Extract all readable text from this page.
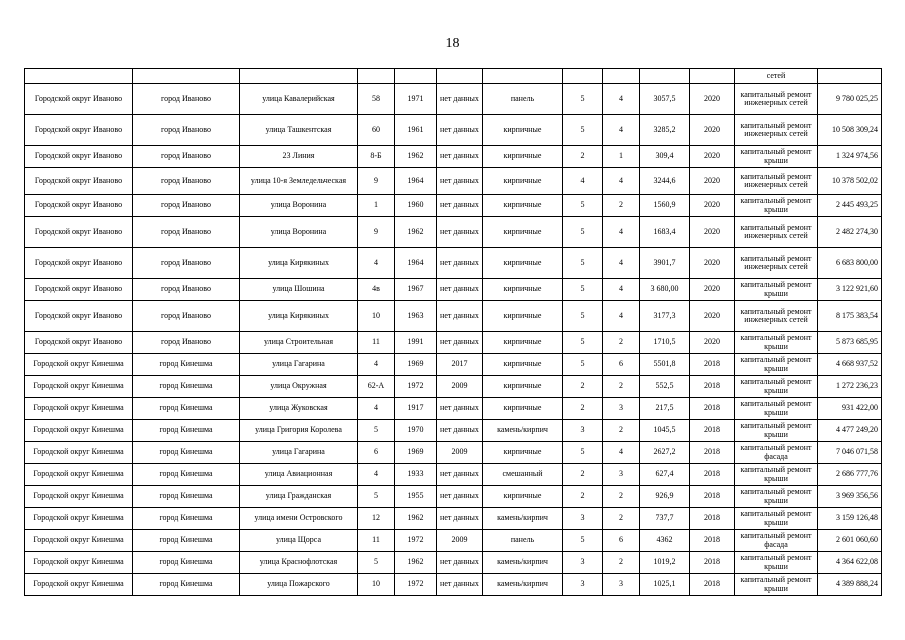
18
											сетей	
Городской округ Иваново	город Иваново	улица Кавалерийская	58	1971	нет данных	панель	5	4	3057,5	2020	капитальный ремонт инженерных сетей	9 780 025,25
Городской округ Иваново	город Иваново	улица Ташкентская	60	1961	нет данных	кирпичные	5	4	3285,2	2020	капитальный ремонт инженерных сетей	10 508 309,24
Городской округ Иваново	город Иваново	23 Линия	8-Б	1962	нет данных	кирпичные	2	1	309,4	2020	капитальный ремонт крыши	1 324 974,56
Городской округ Иваново	город Иваново	улица 10-я Земледельческая	9	1964	нет данных	кирпичные	4	4	3244,6	2020	капитальный ремонт инженерных сетей	10 378 502,02
Городской округ Иваново	город Иваново	улица Воронина	1	1960	нет данных	кирпичные	5	2	1560,9	2020	капитальный ремонт крыши	2 445 493,25
Городской округ Иваново	город Иваново	улица Воронина	9	1962	нет данных	кирпичные	5	4	1683,4	2020	капитальный ремонт инженерных сетей	2 482 274,30
Городской округ Иваново	город Иваново	улица Кирякиных	4	1964	нет данных	кирпичные	5	4	3901,7	2020	капитальный ремонт инженерных сетей	6 683 800,00
Городской округ Иваново	город Иваново	улица Шошина	4в	1967	нет данных	кирпичные	5	4	3 680,00	2020	капитальный ремонт крыши	3 122 921,60
Городской округ Иваново	город Иваново	улица Кирякиных	10	1963	нет данных	кирпичные	5	4	3177,3	2020	капитальный ремонт инженерных сетей	8 175 383,54
Городской округ Иваново	город Иваново	улица Строительная	11	1991	нет данных	кирпичные	5	2	1710,5	2020	капитальный ремонт крыши	5 873 685,95
Городской округ Кинешма	город Кинешма	улица Гагарина	4	1969	2017	кирпичные	5	6	5501,8	2018	капитальный ремонт крыши	4 668 937,52
Городской округ Кинешма	город Кинешма	улица Окружная	62-А	1972	2009	кирпичные	2	2	552,5	2018	капитальный ремонт крыши	1 272 236,23
Городской округ Кинешма	город Кинешма	улица Жуковская	4	1917	нет данных	кирпичные	2	3	217,5	2018	капитальный ремонт крыши	931 422,00
Городской округ Кинешма	город Кинешма	улица Григория Королева	5	1970	нет данных	камень/кирпич	3	2	1045,5	2018	капитальный ремонт крыши	4 477 249,20
Городской округ Кинешма	город Кинешма	улица Гагарина	6	1969	2009	кирпичные	5	4	2627,2	2018	капитальный ремонт фасада	7 046 071,58
Городской округ Кинешма	город Кинешма	улица Авиационная	4	1933	нет данных	смешанный	2	3	627,4	2018	капитальный ремонт крыши	2 686 777,76
Городской округ Кинешма	город Кинешма	улица Гражданская	5	1955	нет данных	кирпичные	2	2	926,9	2018	капитальный ремонт крыши	3 969 356,56
Городской округ Кинешма	город Кинешма	улица имени Островского	12	1962	нет данных	камень/кирпич	3	2	737,7	2018	капитальный ремонт крыши	3 159 126,48
Городской округ Кинешма	город Кинешма	улица Щорса	11	1972	2009	панель	5	6	4362	2018	капитальный ремонт фасада	2 601 060,60
Городской округ Кинешма	город Кинешма	улица Краснофлотская	5	1962	нет данных	камень/кирпич	3	2	1019,2	2018	капитальный ремонт крыши	4 364 622,08
Городской округ Кинешма	город Кинешма	улица Пожарского	10	1972	нет данных	камень/кирпич	3	3	1025,1	2018	капитальный ремонт крыши	4 389 888,24
